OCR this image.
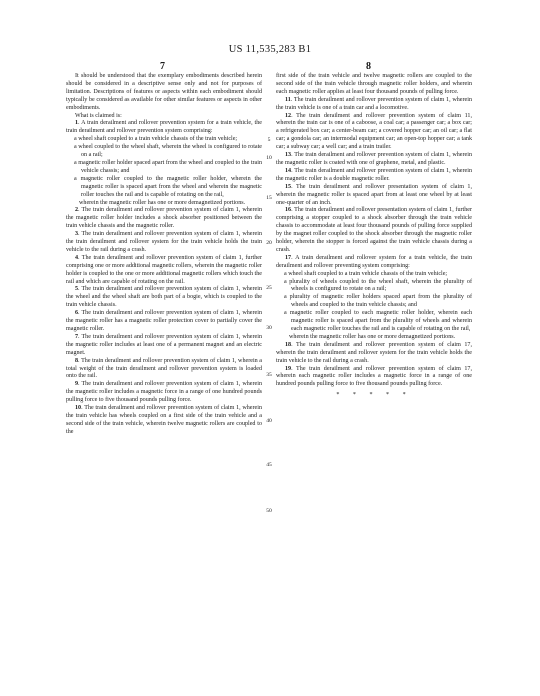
US 11,535,283 B1
7	8

It should be understood that the exemplary embodiments described herein should be considered in a descriptive sense only and not for purposes of limitation. Descriptions of features or aspects within each embodiment should typically be considered as available for other similar features or aspects in other embodiments.

What is claimed is:

1. A train derailment and rollover prevention system for a train vehicle, the train derailment and rollover prevention system comprising:

a wheel shaft coupled to a train vehicle chassis of the train vehicle;

a wheel coupled to the wheel shaft, wherein the wheel is configured to rotate on a rail;

a magnetic roller holder spaced apart from the wheel and coupled to the train vehicle chassis; and

a magnetic roller coupled to the magnetic roller holder, wherein the magnetic roller is spaced apart from the wheel and wherein the magnetic roller touches the rail and is capable of rotating on the rail,

wherein the magnetic roller has one or more demagnetized portions.

2. The train derailment and rollover prevention system of claim 1, wherein the magnetic roller holder includes a shock absorber positioned between the train vehicle chassis and the magnetic roller.

3. The train derailment and rollover prevention system of claim 1, wherein the train derailment and rollover system for the train vehicle holds the train vehicle to the rail during a crash.

4. The train derailment and rollover prevention system of claim 1, further comprising one or more additional magnetic rollers, wherein the magnetic roller holder is coupled to the one or more additional magnetic rollers which touch the rail and which are capable of rotating on the rail.

5. The train derailment and rollover prevention system of claim 1, wherein the wheel and the wheel shaft are both part of a bogie, which is coupled to the train vehicle chassis.

6. The train derailment and rollover prevention system of claim 1, wherein the magnetic roller has a magnetic roller protection cover to partially cover the magnetic roller.

7. The train derailment and rollover prevention system of claim 1, wherein the magnetic roller includes at least one of a permanent magnet and an electric magnet.

8. The train derailment and rollover prevention system of claim 1, wherein a total weight of the train derailment and rollover prevention system is loaded onto the rail.

9. The train derailment and rollover prevention system of claim 1, wherein the magnetic roller includes a magnetic force in a range of one hundred pounds pulling force to five thousand pounds pulling force.

10. The train derailment and rollover prevention system of claim 1, wherein the train vehicle has wheels coupled on a first side of the train vehicle and a second side of the train vehicle, wherein twelve magnetic rollers are coupled to the

5
10
15
20
25
30
35
40
45
50

first side of the train vehicle and twelve magnetic rollers are coupled to the second side of the train vehicle through magnetic roller holders, and wherein each magnetic roller applies at least four thousand pounds of pulling force.

11. The train derailment and rollover prevention system of claim 1, wherein the train vehicle is one of a train car and a locomotive.

12. The train derailment and rollover prevention system of claim 11, wherein the train car is one of a caboose, a coal car; a passenger car; a box car; a refrigerated box car; a center-beam car; a covered hopper car; an oil car; a flat car; a gondola car; an intermodal equipment car; an open-top hopper car; a tank car; a subway car; a well car; and a train trailer.

13. The train derailment and rollover prevention system of claim 1, wherein the magnetic roller is coated with one of graphene, metal, and plastic.

14. The train derailment and rollover prevention system of claim 1, wherein the magnetic roller is a double magnetic roller.

15. The train derailment and rollover presentation system of claim 1, wherein the magnetic roller is spaced apart from at least one wheel by at least one-quarter of an inch.

16. The train derailment and rollover presentation system of claim 1, further comprising a stopper coupled to a shock absorber through the train vehicle chassis to accommodate at least four thousand pounds of pulling force supplied by the magnet roller coupled to the shock absorber through the magnetic roller holder, wherein the stopper is forced against the train vehicle chassis during a crash.

17. A train derailment and rollover system for a train vehicle, the train derailment and rollover preventing system comprising:

a wheel shaft coupled to a train vehicle chassis of the train vehicle;

a plurality of wheels coupled to the wheel shaft, wherein the plurality of wheels is configured to rotate on a rail;

a plurality of magnetic roller holders spaced apart from the plurality of wheels and coupled to the train vehicle chassis; and

a magnetic roller coupled to each magnetic roller holder, wherein each magnetic roller is spaced apart from the plurality of wheels and wherein each magnetic roller touches the rail and is capable of rotating on the rail,

wherein the magnetic roller has one or more demagnetized portions.

18. The train derailment and rollover prevention system of claim 17, wherein the train derailment and rollover system for the train vehicle holds the train vehicle to the rail during a crash.

19. The train derailment and rollover prevention system of claim 17, wherein each magnetic roller includes a magnetic force in a range of one hundred pounds pulling force to five thousand pounds pulling force.

* * * * *
